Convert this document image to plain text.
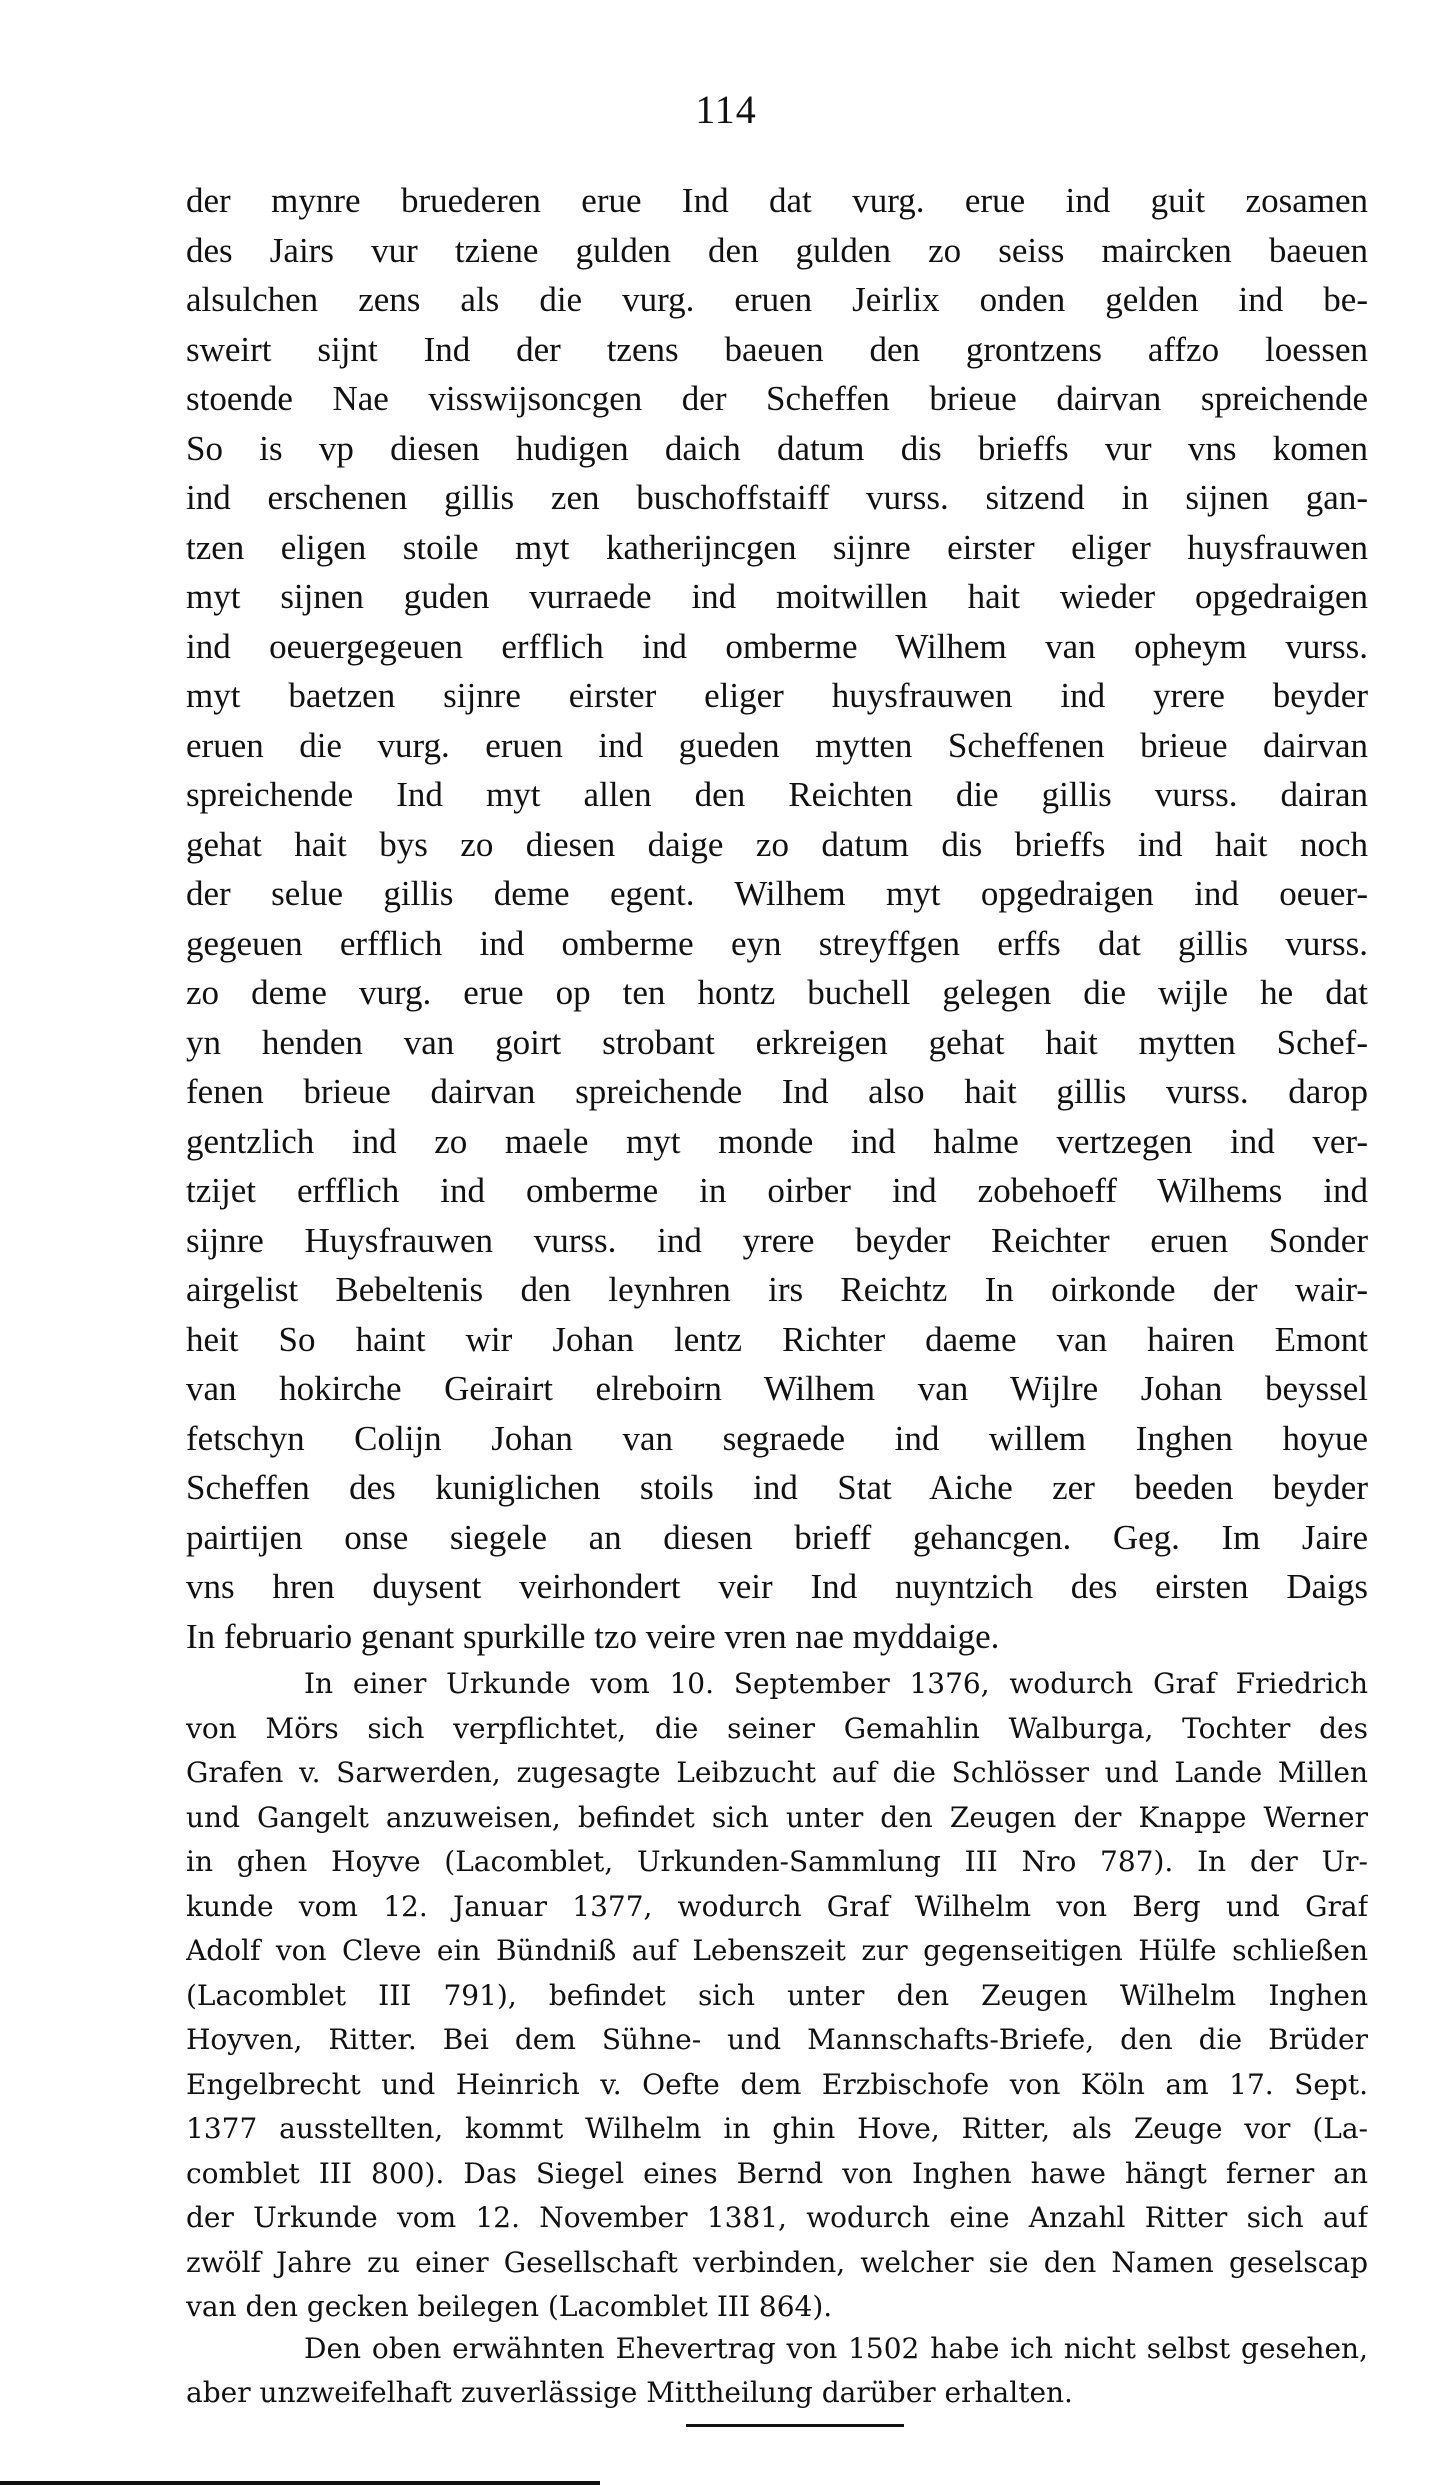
114
der mynre bruederen erue Ind dat vurg. erue ind guit zosamen
des Jairs vur tziene gulden den gulden zo seiss maircken baeuen
alsulchen zens als die vurg. eruen Jeirlix onden gelden ind be-
sweirt sijnt Ind der tzens baeuen den grontzens affzo loessen
stoende Nae visswijsoncgen der Scheffen brieue dairvan spreichende
So is vp diesen hudigen daich datum dis brieffs vur vns komen
ind erschenen gillis zen buschoffstaiff vurss. sitzend in sijnen gan-
tzen eligen stoile myt katherijncgen sijnre eirster eliger huysfrauwen
myt sijnen guden vurraede ind moitwillen hait wieder opgedraigen
ind oeuergegeuen erfflich ind omberme Wilhem van opheym vurss.
myt baetzen sijnre eirster eliger huysfrauwen ind yrere beyder
eruen die vurg. eruen ind gueden mytten Scheffenen brieue dairvan
spreichende Ind myt allen den Reichten die gillis vurss. dairan
gehat hait bys zo diesen daige zo datum dis brieffs ind hait noch
der selue gillis deme egent. Wilhem myt opgedraigen ind oeuer-
gegeuen erfflich ind omberme eyn streyffgen erffs dat gillis vurss.
zo deme vurg. erue op ten hontz buchell gelegen die wijle he dat
yn henden van goirt strobant erkreigen gehat hait mytten Schef-
fenen brieue dairvan spreichende Ind also hait gillis vurss. darop
gentzlich ind zo maele myt monde ind halme vertzegen ind ver-
tzijet erfflich ind omberme in oirber ind zobehoeff Wilhems ind
sijnre Huysfrauwen vurss. ind yrere beyder Reichter eruen Sonder
airgelist Bebeltenis den leynhren irs Reichtz In oirkonde der wair-
heit So haint wir Johan lentz Richter daeme van hairen Emont
van hokirche Geirairt elreboirn Wilhem van Wijlre Johan beyssel
fetschyn Colijn Johan van segraede ind willem Inghen hoyue
Scheffen des kuniglichen stoils ind Stat Aiche zer beeden beyder
pairtijen onse siegele an diesen brieff gehancgen. Geg. Im Jaire
vns hren duysent veirhondert veir Ind nuyntzich des eirsten Daigs
In februario genant spurkille tzo veire vren nae myddaige.
In einer Urkunde vom 10. September 1376, wodurch Graf Friedrich
von Mörs sich verpflichtet, die seiner Gemahlin Walburga, Tochter des
Grafen v. Sarwerden, zugesagte Leibzucht auf die Schlösser und Lande Millen
und Gangelt anzuweisen, befindet sich unter den Zeugen der Knappe Werner
in ghen Hoyve (Lacomblet, Urkunden-Sammlung III Nro 787). In der Ur-
kunde vom 12. Januar 1377, wodurch Graf Wilhelm von Berg und Graf
Adolf von Cleve ein Bündniß auf Lebenszeit zur gegenseitigen Hülfe schließen
(Lacomblet III 791), befindet sich unter den Zeugen Wilhelm Inghen
Hoyven, Ritter. Bei dem Sühne- und Mannschafts-Briefe, den die Brüder
Engelbrecht und Heinrich v. Oefte dem Erzbischofe von Köln am 17. Sept.
1377 ausstellten, kommt Wilhelm in ghin Hove, Ritter, als Zeuge vor (La-
comblet III 800). Das Siegel eines Bernd von Inghen hawe hängt ferner an
der Urkunde vom 12. November 1381, wodurch eine Anzahl Ritter sich auf
zwölf Jahre zu einer Gesellschaft verbinden, welcher sie den Namen geselscap
van den gecken beilegen (Lacomblet III 864).
Den oben erwähnten Ehevertrag von 1502 habe ich nicht selbst gesehen,
aber unzweifelhaft zuverlässige Mittheilung darüber erhalten.
